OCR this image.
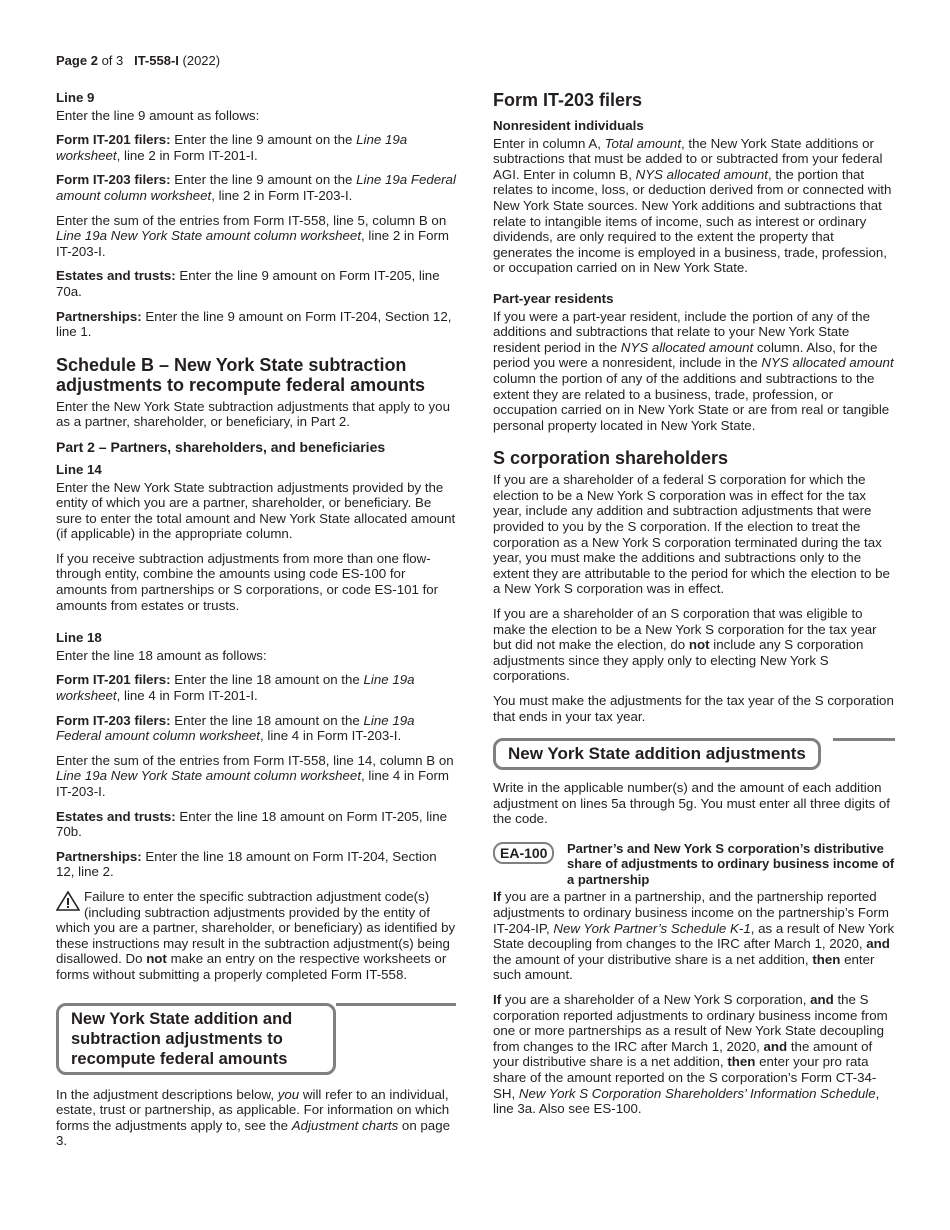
Page 2 of 3 IT-558-I (2022)
Line 9

Enter the line 9 amount as follows:

Form IT-201 filers: Enter the line 9 amount on the Line 19a worksheet, line 2 in Form IT-201-I.

Form IT-203 filers: Enter the line 9 amount on the Line 19a Federal amount column worksheet, line 2 in Form IT-203-I.

Enter the sum of the entries from Form IT-558, line 5, column B on Line 19a New York State amount column worksheet, line 2 in Form IT-203-I.

Estates and trusts: Enter the line 9 amount on Form IT-205, line 70a.

Partnerships: Enter the line 9 amount on Form IT-204, Section 12, line 1.

Schedule B – New York State subtraction adjustments to recompute federal amounts

Enter the New York State subtraction adjustments that apply to you as a partner, shareholder, or beneficiary, in Part 2.

Part 2 – Partners, shareholders, and beneficiaries
Line 14

Enter the New York State subtraction adjustments provided by the entity of which you are a partner, shareholder, or beneficiary. Be sure to enter the total amount and New York State allocated amount (if applicable) in the appropriate column.

If you receive subtraction adjustments from more than one flow-through entity, combine the amounts using code ES-100 for amounts from partnerships or S corporations, or code ES-101 for amounts from estates or trusts.

Line 18

Enter the line 18 amount as follows:

Form IT-201 filers: Enter the line 18 amount on the Line 19a worksheet, line 4 in Form IT-201-I.

Form IT-203 filers: Enter the line 18 amount on the Line 19a Federal amount column worksheet, line 4 in Form IT-203-I.

Enter the sum of the entries from Form IT-558, line 14, column B on Line 19a New York State amount column worksheet, line 4 in Form IT-203-I.

Estates and trusts: Enter the line 18 amount on Form IT-205, line 70b.

Partnerships: Enter the line 18 amount on Form IT-204, Section 12, line 2.

Failure to enter the specific subtraction adjustment code(s) (including subtraction adjustments provided by the entity of which you are a partner, shareholder, or beneficiary) as identified by these instructions may result in the subtraction adjustment(s) being disallowed. Do not make an entry on the respective worksheets or forms without submitting a properly completed Form IT-558.

New York State addition and subtraction adjustments to recompute federal amounts

In the adjustment descriptions below, you will refer to an individual, estate, trust or partnership, as applicable. For information on which forms the adjustments apply to, see the Adjustment charts on page 3.

Form IT-203 filers
Nonresident individuals

Enter in column A, Total amount, the New York State additions or subtractions that must be added to or subtracted from your federal AGI. Enter in column B, NYS allocated amount, the portion that relates to income, loss, or deduction derived from or connected with New York State sources. New York additions and subtractions that relate to intangible items of income, such as interest or ordinary dividends, are only required to the extent the property that generates the income is employed in a business, trade, profession, or occupation carried on in New York State.

Part-year residents

If you were a part-year resident, include the portion of any of the additions and subtractions that relate to your New York State resident period in the NYS allocated amount column. Also, for the period you were a nonresident, include in the NYS allocated amount column the portion of any of the additions and subtractions to the extent they are related to a business, trade, profession, or occupation carried on in New York State or are from real or tangible personal property located in New York State.

S corporation shareholders

If you are a shareholder of a federal S corporation for which the election to be a New York S corporation was in effect for the tax year, include any addition and subtraction adjustments that were provided to you by the S corporation. If the election to treat the corporation as a New York S corporation terminated during the tax year, you must make the additions and subtractions only to the extent they are attributable to the period for which the election to be a New York S corporation was in effect.

If you are a shareholder of an S corporation that was eligible to make the election to be a New York S corporation for the tax year but did not make the election, do not include any S corporation adjustments since they apply only to electing New York S corporations.

You must make the adjustments for the tax year of the S corporation that ends in your tax year.

New York State addition adjustments

Write in the applicable number(s) and the amount of each addition adjustment on lines 5a through 5g. You must enter all three digits of the code.

EA-100	Partner’s and New York S corporation’s distributive share of adjustments to ordinary business income of a partnership

If you are a partner in a partnership, and the partnership reported adjustments to ordinary business income on the partnership’s Form IT-204-IP, New York Partner’s Schedule K-1, as a result of New York State decoupling from changes to the IRC after March 1, 2020, and the amount of your distributive share is a net addition, then enter such amount.

If you are a shareholder of a New York S corporation, and the S corporation reported adjustments to ordinary business income from one or more partnerships as a result of New York State decoupling from changes to the IRC after March 1, 2020, and the amount of your distributive share is a net addition, then enter your pro rata share of the amount reported on the S corporation’s Form CT-34-SH, New York S Corporation Shareholders’ Information Schedule, line 3a. Also see ES-100.
